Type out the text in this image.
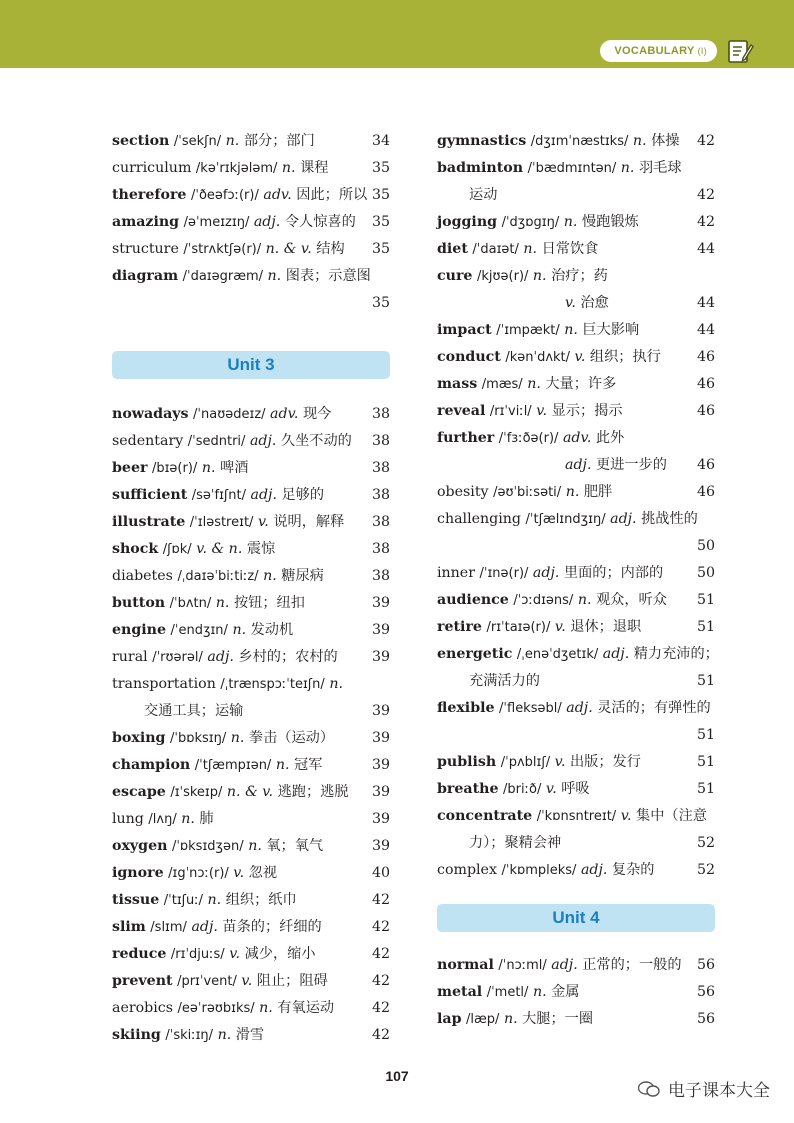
VOCABULARY (I)
section /ˈsekʃn/ n. 部分；部门	34
curriculum /kəˈrɪkjələm/ n. 课程	35
therefore /ˈðeəfɔː(r)/ adv. 因此；所以 35
amazing /əˈmeɪzɪŋ/ adj. 令人惊喜的 35
structure /ˈstrʌktʃə(r)/ n. & v. 结构 35
diagram /ˈdaɪəgræm/ n. 图表；示意图
35
Unit 3
nowadays /ˈnaʊədeɪz/ adv. 现今	38
sedentary /ˈsedntri/ adj. 久坐不动的 38
beer /bɪə(r)/ n. 啤酒	38
sufficient /səˈfɪʃnt/ adj. 足够的	38
illustrate /ˈɪləstreɪt/ v. 说明，解释 38
shock /ʃɒk/ v. & n. 震惊	38
diabetes /ˌdaɪəˈbiːtiːz/ n. 糖尿病	38
button /ˈbʌtn/ n. 按钮；纽扣	39
engine /ˈendʒɪn/ n. 发动机	39
rural /ˈrʊərəl/ adj. 乡村的；农村的 39
transportation /ˌtrænspɔːˈteɪʃn/ n.
交通工具；运输	39
boxing /ˈbɒksɪŋ/ n. 拳击（运动）	39
champion /ˈtʃæmpɪən/ n. 冠军	39
escape /ɪˈskeɪp/ n. & v. 逃跑；逃脱 39
lung /lʌŋ/ n. 肺	39
oxygen /ˈɒksɪdʒən/ n. 氧；氧气	39
ignore /ɪgˈnɔː(r)/ v. 忽视	40
tissue /ˈtɪʃuː/ n. 组织；纸巾	42
slim /slɪm/ adj. 苗条的；纤细的	42
reduce /rɪˈdjuːs/ v. 减少，缩小	42
prevent /prɪˈvent/ v. 阻止；阻碍	42
aerobics /eəˈrəʊbɪks/ n. 有氧运动	42
skiing /ˈskiːɪŋ/ n. 滑雪	42
gymnastics /dʒɪmˈnæstɪks/ n. 体操 42
badminton /ˈbædmɪntən/ n. 羽毛球
运动	42
jogging /ˈdʒɒgɪŋ/ n. 慢跑锻炼	42
diet /ˈdaɪət/ n. 日常饮食	44
cure /kjʊə(r)/ n. 治疗；药
v. 治愈	44
impact /ˈɪmpækt/ n. 巨大影响	44
conduct /kənˈdʌkt/ v. 组织；执行	46
mass /mæs/ n. 大量；许多	46
reveal /rɪˈviːl/ v. 显示；揭示	46
further /ˈfɜːðə(r)/ adv. 此外
adj. 更进一步的 46
obesity /əʊˈbiːsəti/ n. 肥胖	46
challenging /ˈtʃælɪndʒɪŋ/ adj. 挑战性的
50
inner /ˈɪnə(r)/ adj. 里面的；内部的 50
audience /ˈɔːdɪəns/ n. 观众，听众 51
retire /rɪˈtaɪə(r)/ v. 退休；退职	51
energetic /ˌenəˈdʒetɪk/ adj. 精力充沛的；
充满活力的	51
flexible /ˈfleksəbl/ adj. 灵活的；有弹性的
51
publish /ˈpʌblɪʃ/ v. 出版；发行	51
breathe /briːð/ v. 呼吸	51
concentrate /ˈkɒnsntreɪt/ v. 集中（注意
力）；聚精会神	52
complex /ˈkɒmpleks/ adj. 复杂的	52
Unit 4
normal /ˈnɔːml/ adj. 正常的；一般的 56
metal /ˈmetl/ n. 金属	56
lap /læp/ n. 大腿；一圈	56
107
电子课本大全
